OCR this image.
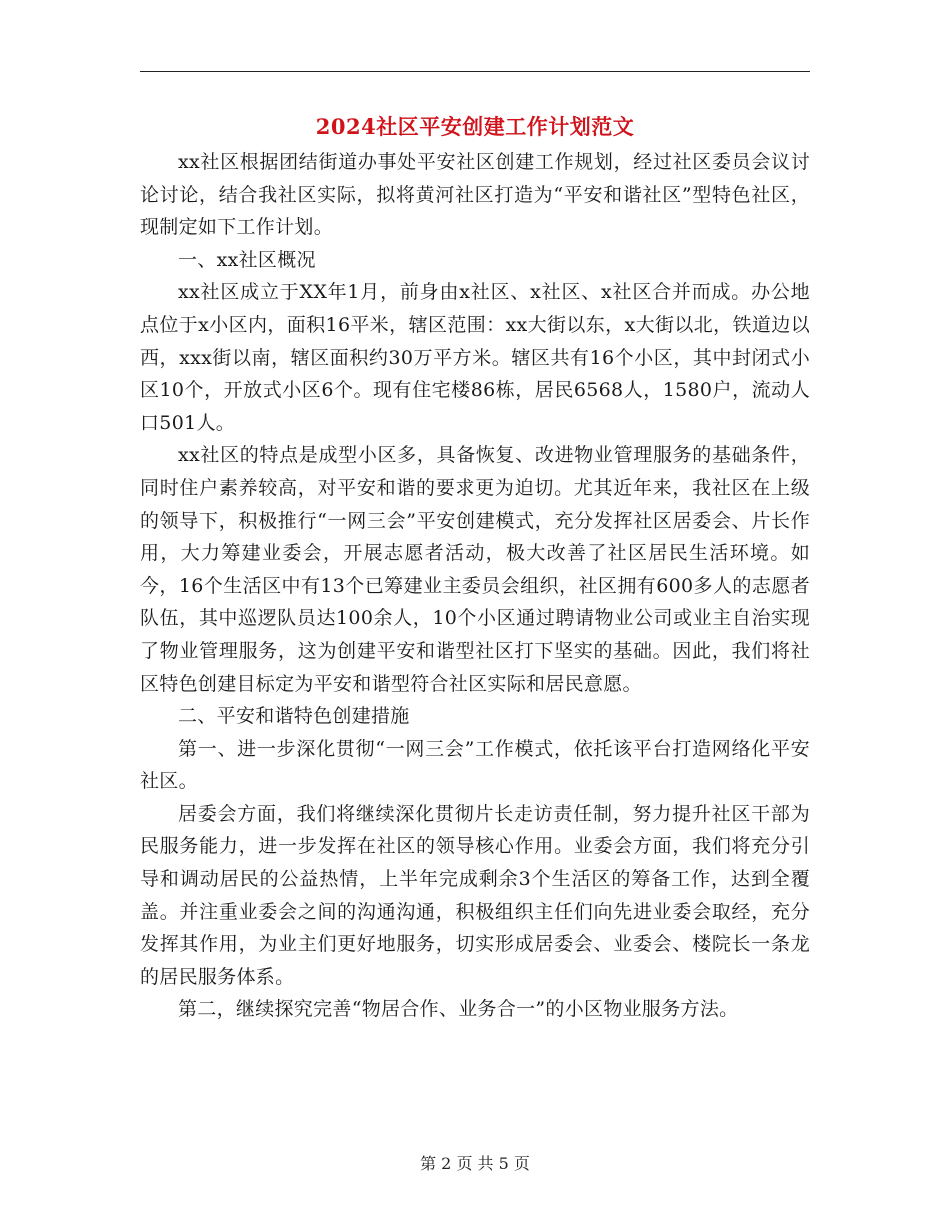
2024社区平安创建工作计划范文

xx社区根据团结街道办事处平安社区创建工作规划，经过社区委员会议讨论讨论，结合我社区实际，拟将黄河社区打造为“平安和谐社区”型特色社区，现制定如下工作计划。

一、xx社区概况

xx社区成立于XX年1月，前身由x社区、x社区、x社区合并而成。办公地点位于x小区内，面积16平米，辖区范围：xx大街以东，x大街以北，铁道边以西，xxx街以南，辖区面积约30万平方米。辖区共有16个小区，其中封闭式小区10个，开放式小区6个。现有住宅楼86栋，居民6568人，1580户，流动人口501人。

xx社区的特点是成型小区多，具备恢复、改进物业管理服务的基础条件，同时住户素养较高，对平安和谐的要求更为迫切。尤其近年来，我社区在上级的领导下，积极推行“一网三会”平安创建模式，充分发挥社区居委会、片长作用，大力筹建业委会，开展志愿者活动，极大改善了社区居民生活环境。如今，16个生活区中有13个已筹建业主委员会组织，社区拥有600多人的志愿者队伍，其中巡逻队员达100余人，10个小区通过聘请物业公司或业主自治实现了物业管理服务，这为创建平安和谐型社区打下坚实的基础。因此，我们将社区特色创建目标定为平安和谐型符合社区实际和居民意愿。

二、平安和谐特色创建措施

第一、进一步深化贯彻“一网三会”工作模式，依托该平台打造网络化平安社区。

居委会方面，我们将继续深化贯彻片长走访责任制，努力提升社区干部为民服务能力，进一步发挥在社区的领导核心作用。业委会方面，我们将充分引导和调动居民的公益热情，上半年完成剩余3个生活区的筹备工作，达到全覆盖。并注重业委会之间的沟通沟通，积极组织主任们向先进业委会取经，充分发挥其作用，为业主们更好地服务，切实形成居委会、业委会、楼院长一条龙的居民服务体系。

第二，继续探究完善“物居合作、业务合一”的小区物业服务方法。

第 2 页 共 5 页
